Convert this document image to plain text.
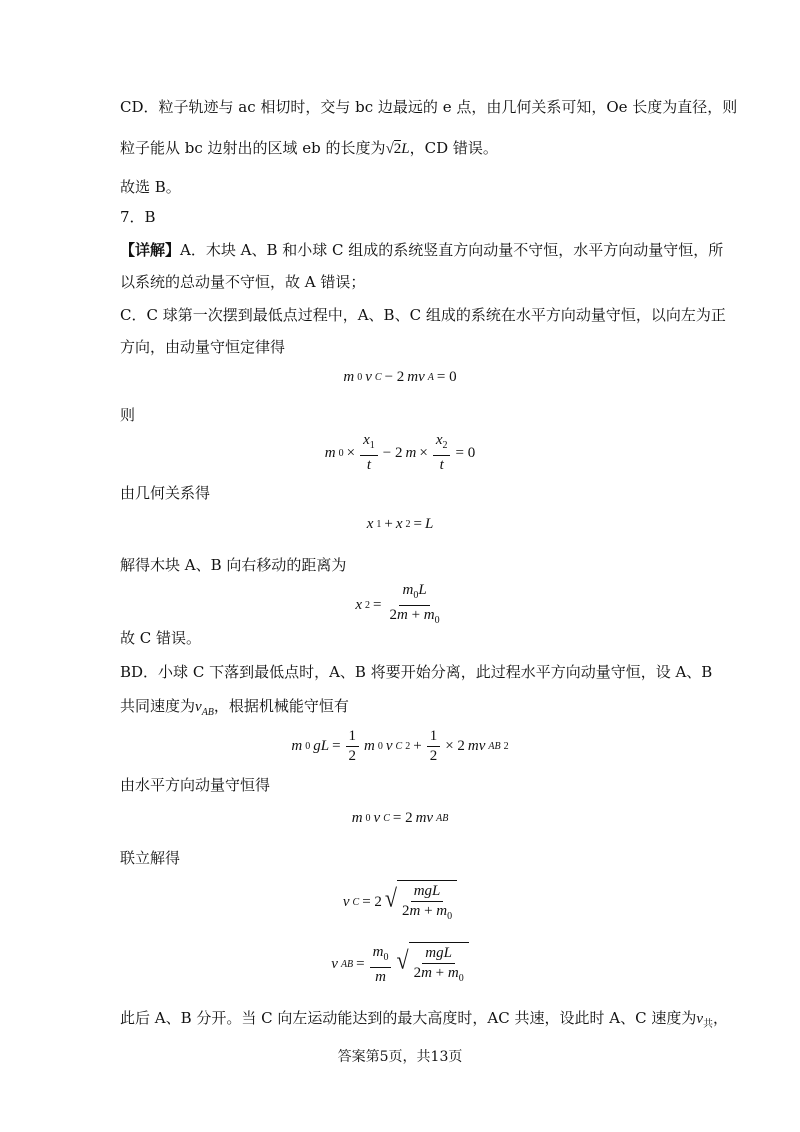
CD．粒子轨迹与 ac 相切时，交与 bc 边最远的 e 点，由几何关系可知，Oe 长度为直径，则
粒子能从 bc 边射出的区域 eb 的长度为√2L，CD 错误。
故选 B。
7．B
【详解】A．木块 A、B 和小球 C 组成的系统竖直方向动量不守恒，水平方向动量守恒，所
以系统的总动量不守恒，故 A 错误；
C．C 球第一次摆到最低点过程中，A、B、C 组成的系统在水平方向动量守恒，以向左为正
方向，由动量守恒定律得
m 0 v C − 2 mv A = 0
则
m $0 \times \frac{x_1}{t} - 2$ $m \times \frac{x_2}{t} = 0$
由几何关系得
x 1 + x 2 = L
解得木块 A、B 向右移动的距离为
x $2 = \frac{m_0L}{2m + m_0}$
故 C 错误。
BD．小球 C 下落到最低点时，A、B 将要开始分离，此过程水平方向动量守恒，设 A、B
共同速度为$v_{AB}$，根据机械能守恒有
m 0 gL = $\frac{1}{2}$ m 0 v C $2 + \frac{1}{2} \times 2$ mv AB 2
由水平方向动量守恒得
m 0 v C = 2 mv AB
联立解得
v C = 2 √ $\frac{\text{mgL}}{2m + m_0}$
v AB = $\frac{m_0}{m}$ √ $\frac{\text{mgL}}{2m + m_0}$
此后 A、B 分开。当 C 向左运动能达到的最大高度时，AC 共速，设此时 A、C 速度为$v_共$，
答案第5页，共13页
